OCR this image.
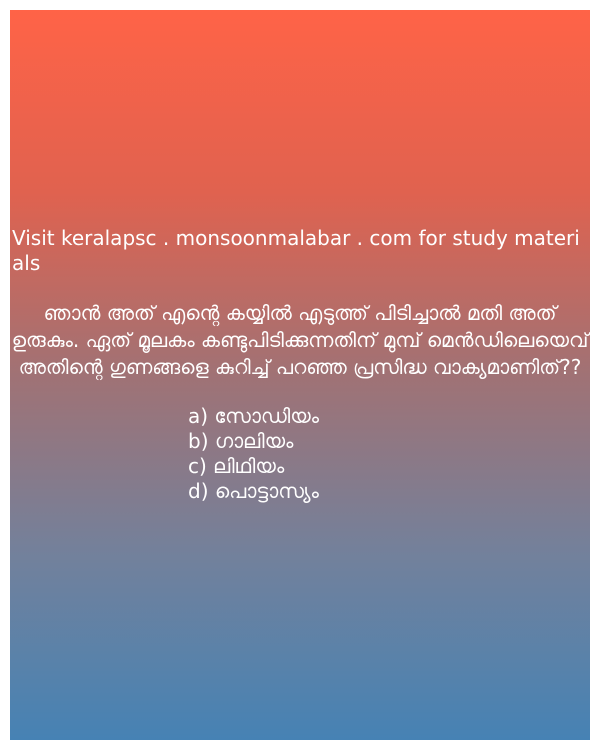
Visit keralapsc . monsoonmalabar . com for study materials

ഞാൻ അത് എന്റെ കയ്യിൽ എടുത്ത് പിടിച്ചാൽ മതി അത് ഉരുകും. ഏത് മൂലകം കണ്ടുപിടിക്കുന്നതിന് മുമ്പ് മെൻഡിലെയെവ് അതിന്റെ ഗുണങ്ങളെ കുറിച്ച് പറഞ്ഞ പ്രസിദ്ധ വാക്യമാണിത്??

a) സോഡിയം
b) ഗാലിയം
c) ലിഥിയം
d) പൊട്ടാസ്യം
